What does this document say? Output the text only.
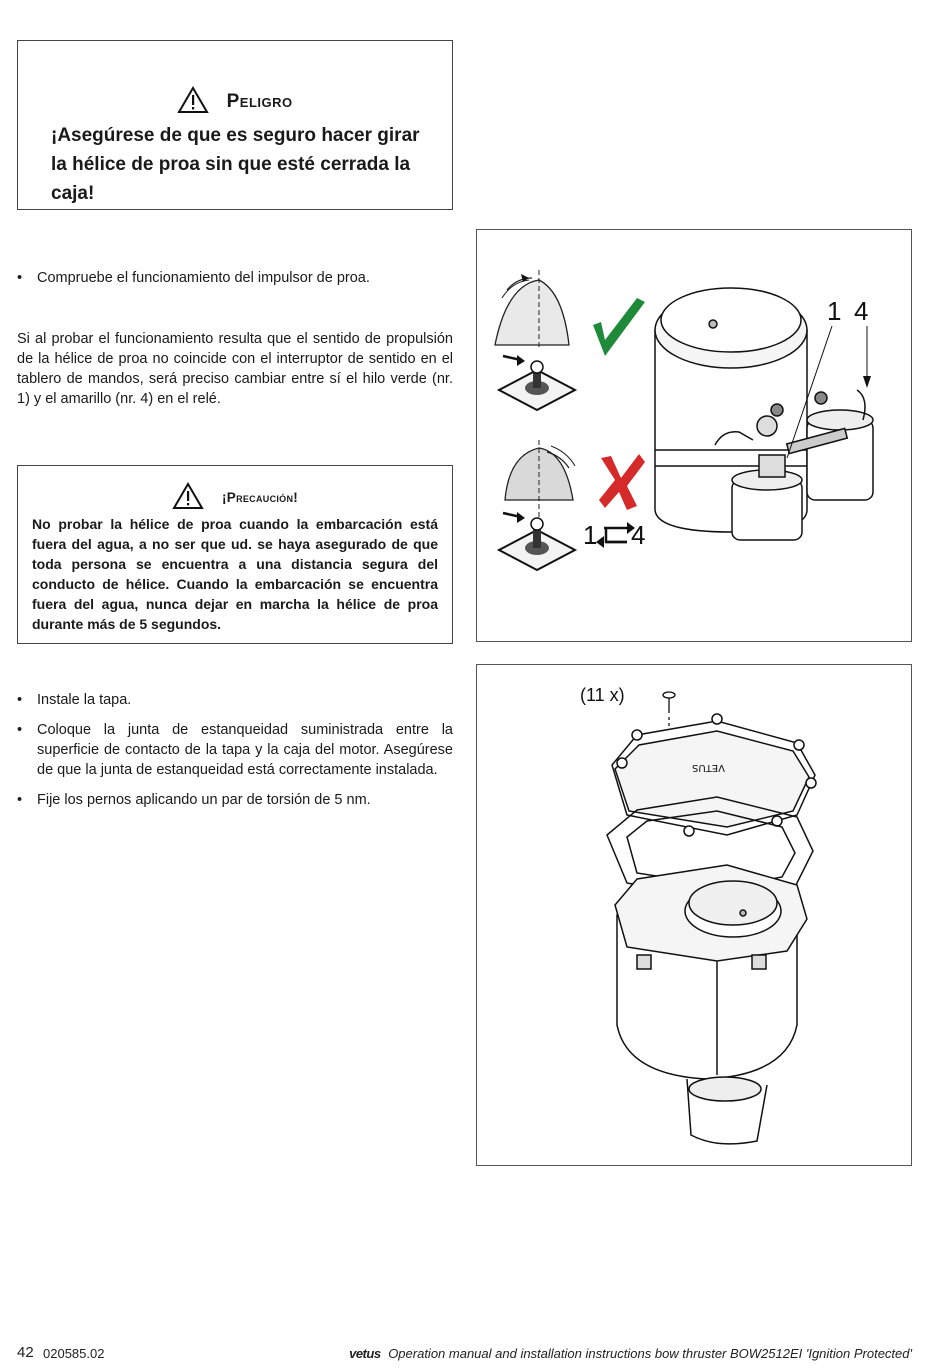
Peligro
¡Asegúrese de que es seguro hacer girar la hélice de proa sin que esté cerrada la caja!
• Compruebe el funcionamiento del impulsor de proa.
Si al probar el funcionamiento resulta que el sentido de propulsión de la hélice de proa no coincide con el interruptor de sentido en el tablero de mandos, será preciso cambiar entre sí el hilo verde (nr. 1) y el amarillo (nr. 4) en el relé.
¡Precaución!
No probar la hélice de proa cuando la embarcación está fuera del agua, a no ser que ud. se haya asegurado de que toda persona se encuentra a una distancia segura del conducto de hélice. Cuando la embarcación se encuentra fuera del agua, nunca dejar en marcha la hélice de proa durante más de 5 segundos.
• Instale la tapa.
• Coloque la junta de estanqueidad suministrada entre la superficie de contacto de la tapa y la caja del motor. Asegúrese de que la junta de estanqueidad está correctamente instalada.
• Fije los pernos aplicando un par de torsión de 5 nm.
1 4
1 4
VETUS
(11 x)
42 020585.02	vetus Operation manual and installation instructions bow thruster BOW2512EI 'Ignition Protected'
